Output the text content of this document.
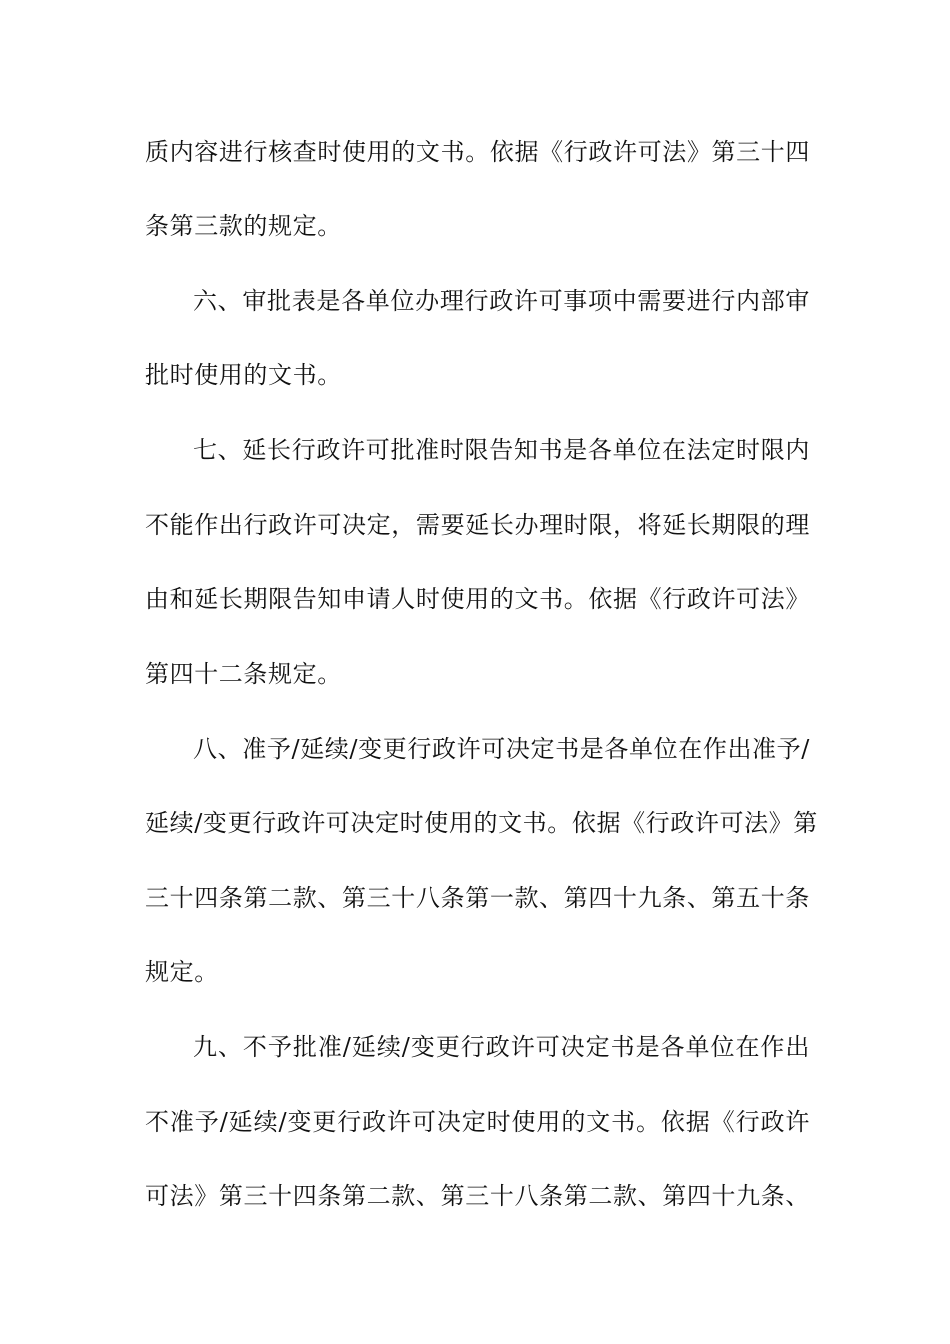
质内容进行核查时使用的文书。依据《行政许可法》第三十四
条第三款的规定。
六、审批表是各单位办理行政许可事项中需要进行内部审
批时使用的文书。
七、延长行政许可批准时限告知书是各单位在法定时限内
不能作出行政许可决定，需要延长办理时限，将延长期限的理
由和延长期限告知申请人时使用的文书。依据《行政许可法》
第四十二条规定。
八、准予/延续/变更行政许可决定书是各单位在作出准予/
延续/变更行政许可决定时使用的文书。依据《行政许可法》第
三十四条第二款、第三十八条第一款、第四十九条、第五十条
规定。
九、不予批准/延续/变更行政许可决定书是各单位在作出
不准予/延续/变更行政许可决定时使用的文书。依据《行政许
可法》第三十四条第二款、第三十八条第二款、第四十九条、
